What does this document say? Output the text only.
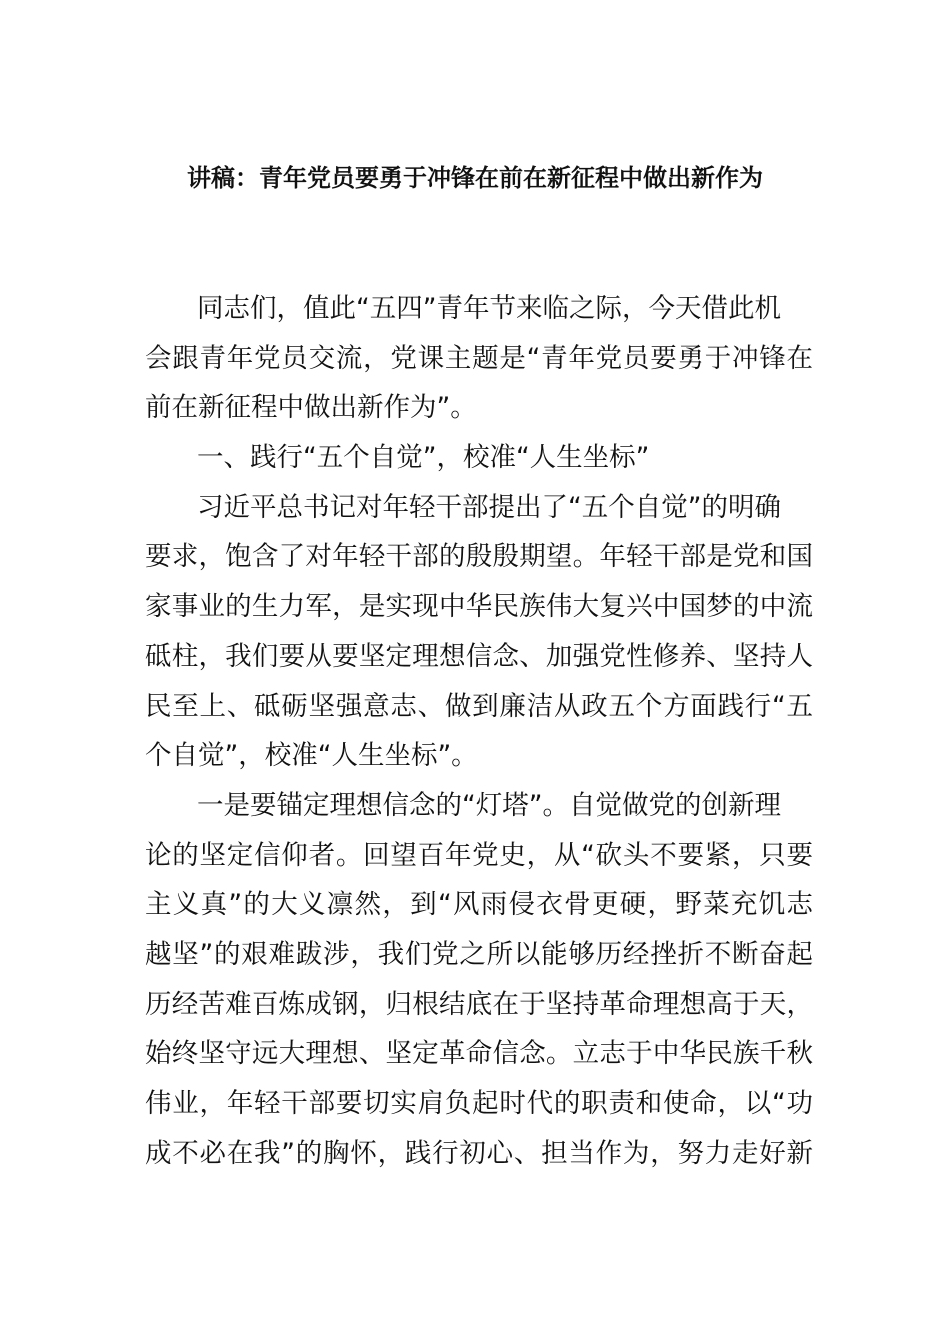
讲稿：青年党员要勇于冲锋在前在新征程中做出新作为
同志们，值此“五四”青年节来临之际，今天借此机
会跟青年党员交流，党课主题是“青年党员要勇于冲锋在
前在新征程中做出新作为”。
一、践行“五个自觉”，校准“人生坐标”
习近平总书记对年轻干部提出了“五个自觉”的明确
要求，饱含了对年轻干部的殷殷期望。年轻干部是党和国
家事业的生力军，是实现中华民族伟大复兴中国梦的中流
砥柱，我们要从要坚定理想信念、加强党性修养、坚持人
民至上、砥砺坚强意志、做到廉洁从政五个方面践行“五
个自觉”，校准“人生坐标”。
一是要锚定理想信念的“灯塔”。自觉做党的创新理
论的坚定信仰者。回望百年党史，从“砍头不要紧，只要
主义真”的大义凛然，到“风雨侵衣骨更硬，野菜充饥志
越坚”的艰难跋涉，我们党之所以能够历经挫折不断奋起
历经苦难百炼成钢，归根结底在于坚持革命理想高于天，
始终坚守远大理想、坚定革命信念。立志于中华民族千秋
伟业，年轻干部要切实肩负起时代的职责和使命，以“功
成不必在我”的胸怀，践行初心、担当作为，努力走好新
